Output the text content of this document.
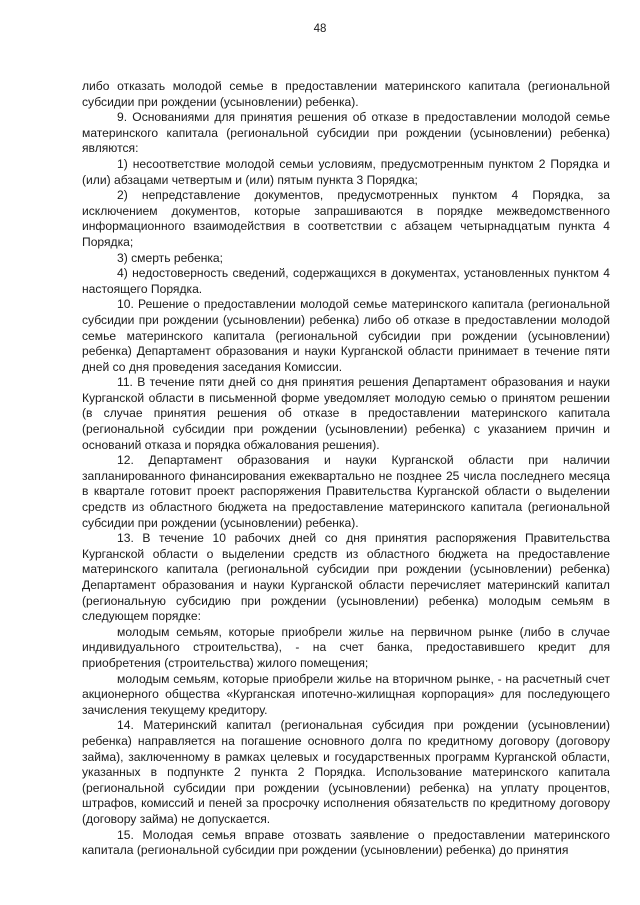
48

либо отказать молодой семье в предоставлении материнского капитала (региональной субсидии при рождении (усыновлении) ребенка).

9. Основаниями для принятия решения об отказе в предоставлении молодой семье материнского капитала (региональной субсидии при рождении (усыновлении) ребенка) являются:

1) несоответствие молодой семьи условиям, предусмотренным пунктом 2 Порядка и (или) абзацами четвертым и (или) пятым пункта 3 Порядка;

2) непредставление документов, предусмотренных пунктом 4 Порядка, за исключением документов, которые запрашиваются в порядке межведомственного информационного взаимодействия в соответствии с абзацем четырнадцатым пункта 4 Порядка;

3) смерть ребенка;

4) недостоверность сведений, содержащихся в документах, установленных пунктом 4 настоящего Порядка.

10. Решение о предоставлении молодой семье материнского капитала (региональной субсидии при рождении (усыновлении) ребенка) либо об отказе в предоставлении молодой семье материнского капитала (региональной субсидии при рождении (усыновлении) ребенка) Департамент образования и науки Курганской области принимает в течение пяти дней со дня проведения заседания Комиссии.

11. В течение пяти дней со дня принятия решения Департамент образования и науки Курганской области в письменной форме уведомляет молодую семью о принятом решении (в случае принятия решения об отказе в предоставлении материнского капитала (региональной субсидии при рождении (усыновлении) ребенка) с указанием причин и оснований отказа и порядка обжалования решения).

12. Департамент образования и науки Курганской области при наличии запланированного финансирования ежеквартально не позднее 25 числа последнего месяца в квартале готовит проект распоряжения Правительства Курганской области о выделении средств из областного бюджета на предоставление материнского капитала (региональной субсидии при рождении (усыновлении) ребенка).

13. В течение 10 рабочих дней со дня принятия распоряжения Правительства Курганской области о выделении средств из областного бюджета на предоставление материнского капитала (региональной субсидии при рождении (усыновлении) ребенка) Департамент образования и науки Курганской области перечисляет материнский капитал (региональную субсидию при рождении (усыновлении) ребенка) молодым семьям в следующем порядке:

молодым семьям, которые приобрели жилье на первичном рынке (либо в случае индивидуального строительства), - на счет банка, предоставившего кредит для приобретения (строительства) жилого помещения;

молодым семьям, которые приобрели жилье на вторичном рынке, - на расчетный счет акционерного общества «Курганская ипотечно-жилищная корпорация» для последующего зачисления текущему кредитору.

14. Материнский капитал (региональная субсидия при рождении (усыновлении) ребенка) направляется на погашение основного долга по кредитному договору (договору займа), заключенному в рамках целевых и государственных программ Курганской области, указанных в подпункте 2 пункта 2 Порядка. Использование материнского капитала (региональной субсидии при рождении (усыновлении) ребенка) на уплату процентов, штрафов, комиссий и пеней за просрочку исполнения обязательств по кредитному договору (договору займа) не допускается.

15. Молодая семья вправе отозвать заявление о предоставлении материнского капитала (региональной субсидии при рождении (усыновлении) ребенка) до принятия
